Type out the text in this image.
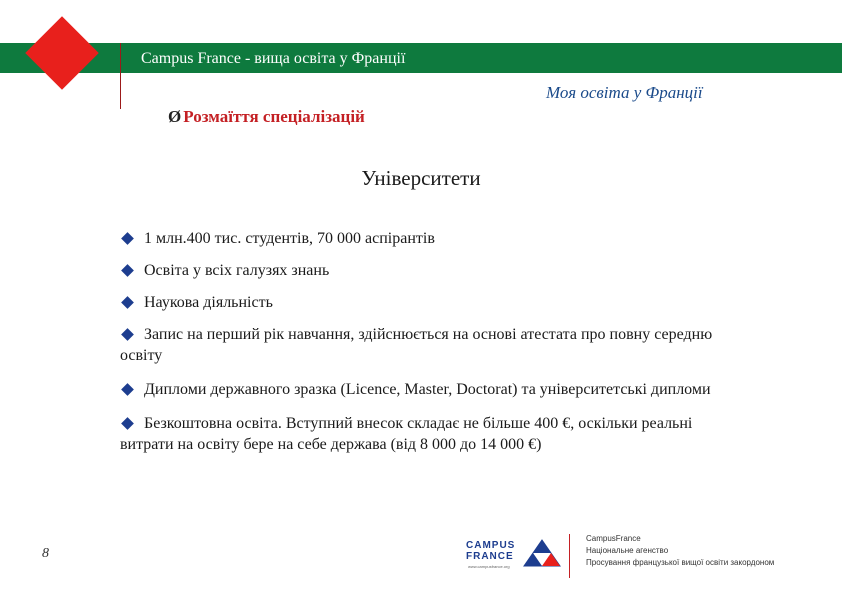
Campus France - вища освіта у Франції
Моя освіта у Франції
Ø Розмаїття спеціалізацій
Університети
1 млн.400 тис. студентів, 70 000 аспірантів
Освіта у всіх галузях знань
Наукова діяльність
Запис на перший рік навчання, здійснюється на основі атестата про повну середню освіту
Дипломи державного зразка (Licence, Master, Doctorat) та університетські дипломи
Безкоштовна освіта. Вступний внесок складає не більше 400 €, оскільки реальні витрати на освіту бере на себе держава (від 8 000 до 14 000 €)
8
CAMPUS
FRANCE
www.campusfrance.org
CampusFrance
Національне агенство
Просування французької вищої освіти закордоном
